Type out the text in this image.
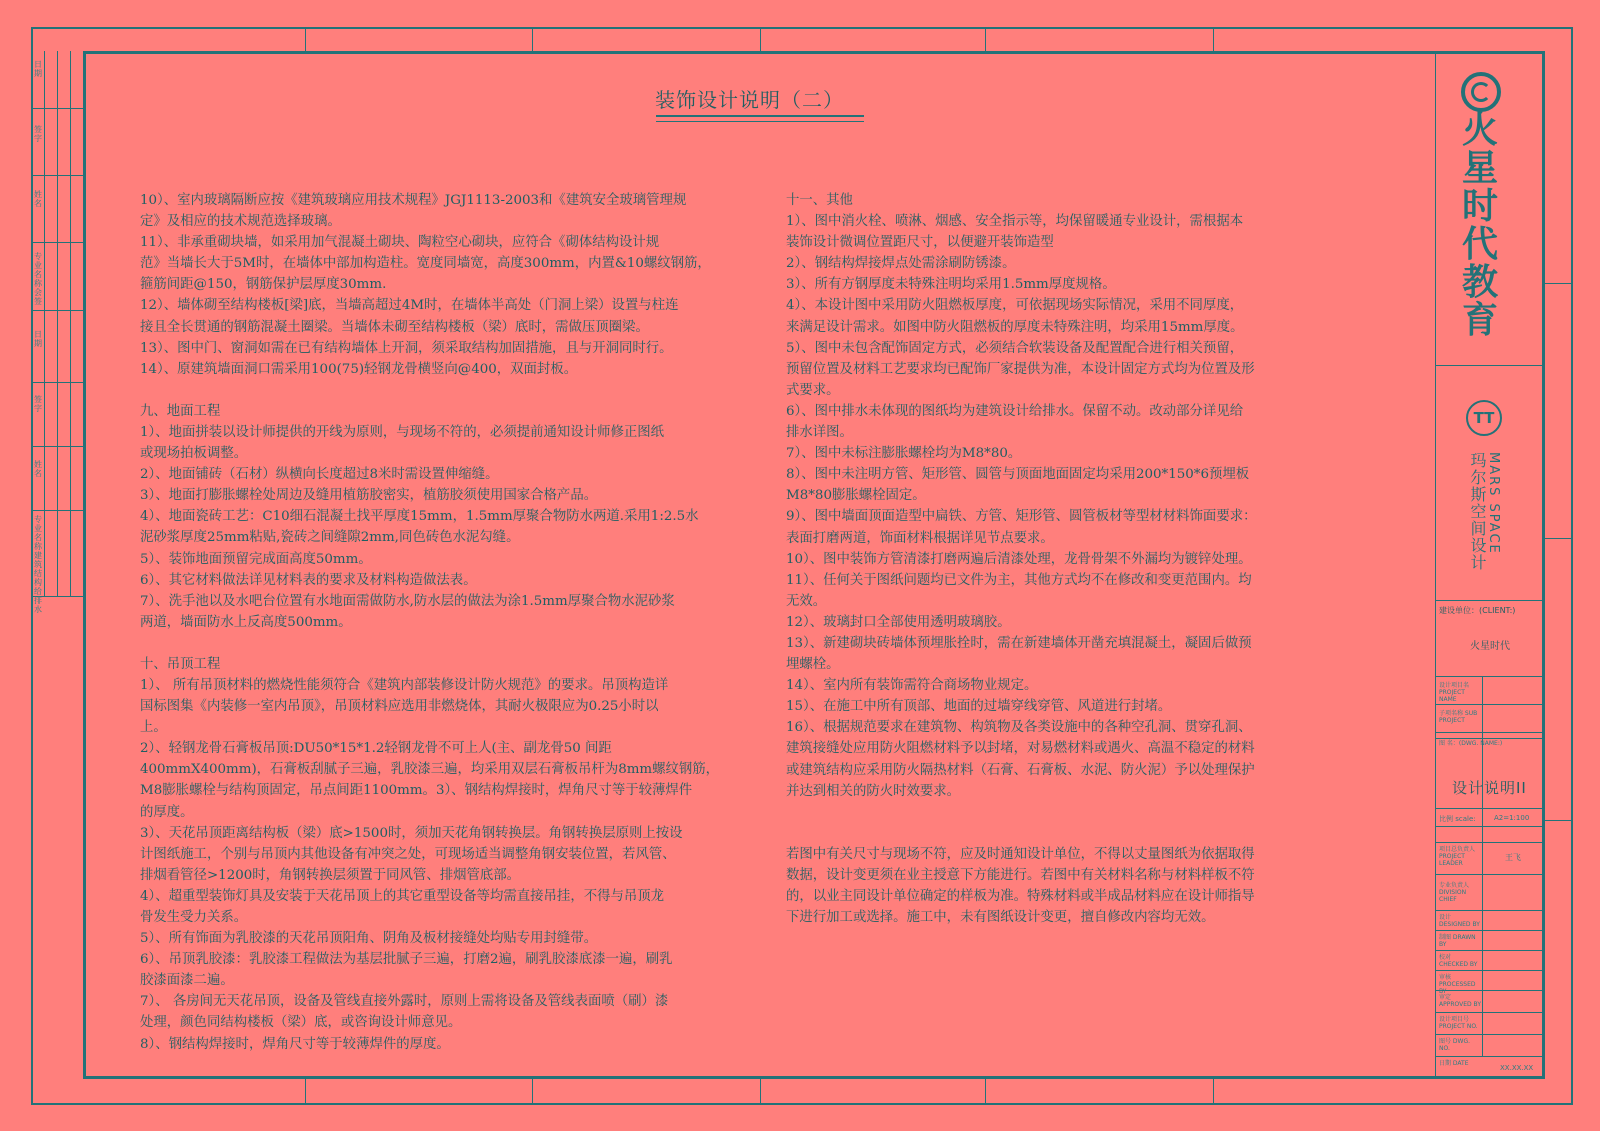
日期
签字
姓名
专业名称 会签
日期
签字
姓名
专业名称 建筑 结构 给排水
装饰设计说明（二）

10）、室内玻璃隔断应按《建筑玻璃应用技术规程》JGJ1113-2003和《建筑安全玻璃管理规

定》及相应的技术规范选择玻璃。

11）、非承重砌块墙，如采用加气混凝土砌块、陶粒空心砌块，应符合《砌体结构设计规

范》当墙长大于5M时，在墙体中部加构造柱。宽度同墙宽，高度300mm，内置&10螺纹钢筋，

箍筋间距@150，钢筋保护层厚度30mm.

12）、墙体砌至结构楼板[梁]底，当墙高超过4M时，在墙体半高处（门洞上梁）设置与柱连

接且全长贯通的钢筋混凝土圈梁。当墙体未砌至结构楼板（梁）底时，需做压顶圈梁。

13）、图中门、窗洞如需在已有结构墙体上开洞，须采取结构加固措施，且与开洞同时行。

14）、原建筑墙面洞口需采用100(75)轻钢龙骨横竖向@400，双面封板。

九、地面工程

1）、地面拼装以设计师提供的开线为原则，与现场不符的，必须提前通知设计师修正图纸

或现场拍板调整。

2）、地面铺砖（石材）纵横向长度超过8米时需设置伸缩缝。

3）、地面打膨胀螺栓处周边及缝用植筋胶密实，植筋胶须使用国家合格产品。

4）、地面瓷砖工艺：C10细石混凝土找平厚度15mm，1.5mm厚聚合物防水两道.采用1:2.5水

泥砂浆厚度25mm粘贴,瓷砖之间缝隙2mm,同色砖色水泥勾缝。

5）、装饰地面预留完成面高度50mm。

6）、其它材料做法详见材料表的要求及材料构造做法表。

7）、洗手池以及水吧台位置有水地面需做防水,防水层的做法为涂1.5mm厚聚合物水泥砂浆

两道，墙面防水上反高度500mm。

十、吊顶工程

1）、 所有吊顶材料的燃烧性能须符合《建筑内部装修设计防火规范》的要求。吊顶构造详

国标图集《内装修一室内吊顶》，吊顶材料应选用非燃烧体，其耐火极限应为0.25小时以

上。

2）、轻钢龙骨石膏板吊顶:DU50*15*1.2轻钢龙骨不可上人(主、副龙骨50 间距

400mmX400mm)，石膏板刮腻子三遍，乳胶漆三遍，均采用双层石膏板吊杆为8mm螺纹钢筋，

M8膨胀螺栓与结构顶固定，吊点间距1100mm。3）、钢结构焊接时，焊角尺寸等于较薄焊件

的厚度。

3）、天花吊顶距离结构板（梁）底>1500时，须加天花角钢转换层。角钢转换层原则上按设

计图纸施工，个别与吊顶内其他设备有冲突之处，可现场适当调整角钢安装位置，若风管、

排烟看管径>1200时，角钢转换层须置于同风管、排烟管底部。

4）、超重型装饰灯具及安装于天花吊顶上的其它重型设备等均需直接吊挂，不得与吊顶龙

骨发生受力关系。

5）、所有饰面为乳胶漆的天花吊顶阳角、阴角及板材接缝处均贴专用封缝带。

6）、吊顶乳胶漆：乳胶漆工程做法为基层批腻子三遍，打磨2遍，刷乳胶漆底漆一遍，刷乳

胶漆面漆二遍。

7）、 各房间无天花吊顶，设备及管线直接外露时，原则上需将设备及管线表面喷（刷）漆

处理，颜色同结构楼板（梁）底，或咨询设计师意见。

8）、钢结构焊接时，焊角尺寸等于较薄焊件的厚度。

十一、其他

1）、图中消火栓、喷淋、烟感、安全指示等，均保留暖通专业设计，需根据本

装饰设计微调位置距尺寸，以便避开装饰造型

2）、钢结构焊接焊点处需涂刷防锈漆。

3）、所有方钢厚度未特殊注明均采用1.5mm厚度规格。

4）、本设计图中采用防火阻燃板厚度，可依据现场实际情况，采用不同厚度，

来满足设计需求。如图中防火阻燃板的厚度未特殊注明，均采用15mm厚度。

5）、图中未包含配饰固定方式，必须结合软装设备及配置配合进行相关预留，

预留位置及材料工艺要求均已配饰厂家提供为准，本设计固定方式均为位置及形

式要求。

6）、图中排水未体现的图纸均为建筑设计给排水。保留不动。改动部分详见给

排水详图。

7）、图中未标注膨胀螺栓均为M8*80。

8）、图中未注明方管、矩形管、圆管与顶面地面固定均采用200*150*6预埋板

M8*80膨胀螺栓固定。

9）、图中墙面顶面造型中扁铁、方管、矩形管、圆管板材等型材材料饰面要求：

表面打磨两道，饰面材料根据详见节点要求。

10）、图中装饰方管清漆打磨两遍后清漆处理，龙骨骨架不外漏均为镀锌处理。

11）、任何关于图纸问题均已文件为主，其他方式均不在修改和变更范围内。均

无效。

12）、玻璃封口全部使用透明玻璃胶。

13）、新建砌块砖墙体预埋胀拴时，需在新建墙体开凿充填混凝土，凝固后做预

埋螺栓。

14）、室内所有装饰需符合商场物业规定。

15）、在施工中所有顶部、地面的过墙穿线穿管、风道进行封堵。

16）、根据规范要求在建筑物、构筑物及各类设施中的各种空孔洞、贯穿孔洞、

建筑接缝处应用防火阻燃材料予以封堵，对易燃材料或遇火、高温不稳定的材料

或建筑结构应采用防火隔热材料（石膏、石膏板、水泥、防火泥）予以处理保护

并达到相关的防火时效要求。

若图中有关尺寸与现场不符，应及时通知设计单位，不得以丈量图纸为依据取得

数据，设计变更须在业主授意下方能进行。若图中有关材料名称与材料样板不符

的，以业主同设计单位确定的样板为准。特殊材料或半成品材料应在设计师指导

下进行加工或选择。施工中，未有图纸设计变更，擅自修改内容均无效。

火星时代教育
TT
MARS SPACE
玛尔斯空间设计
建设单位：(CLIENT:)
火星时代
设计项目名 PROJECT NAME
子项名称 SUB PROJECT
图 名：(DWG. NAME:)
设计说明II
比例 scale:	A2=1:100
项目总负责人 PROJECT LEADER
王飞
专业负责人 DIVISION CHIEF
设计 DESIGNED BY
制图 DRAWN BY
校对 CHECKED BY
审核 PROCESSED BY
审定 APPROVED BY
设计项目号 PROJECT NO.
图号 DWG. NO.
日期 DATE
XX.XX.XX
